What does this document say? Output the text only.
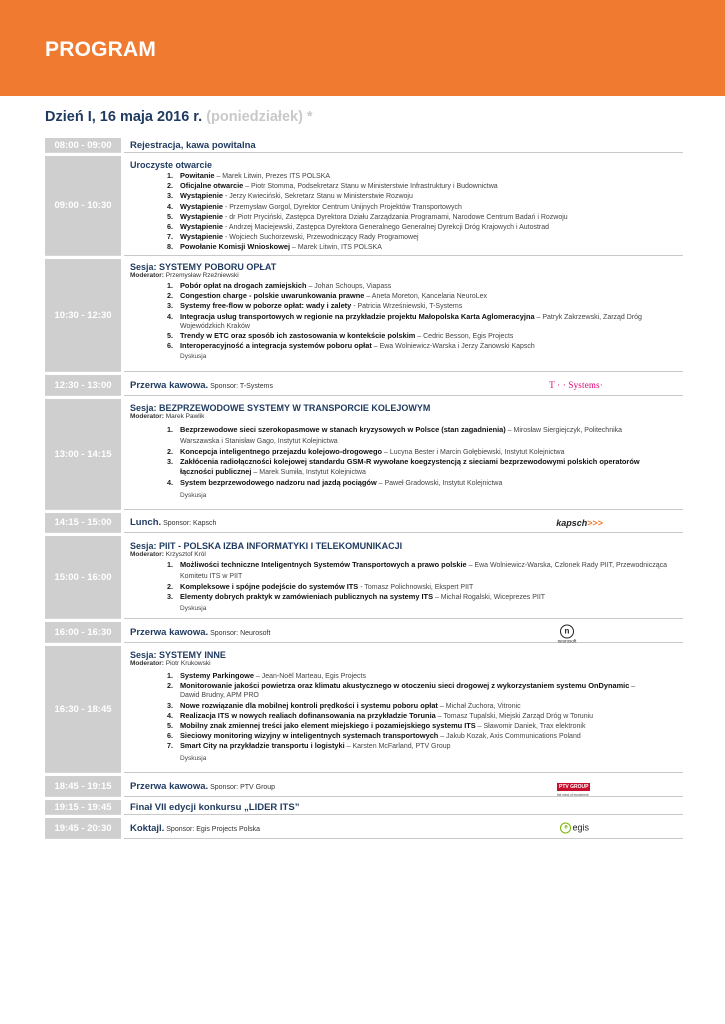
PROGRAM
Dzień I, 16 maja 2016 r. (poniedziałek) *
08:00 - 09:00	Rejestracja, kawa powitalna
09:00 - 10:30
Uroczyste otwarcie
1. Powitanie – Marek Litwin, Prezes ITS POLSKA
2. Oficjalne otwarcie – Piotr Stomma, Podsekretarz Stanu w Ministerstwie Infrastruktury i Budownictwa
3. Wystąpienie - Jerzy Kwieciński, Sekretarz Stanu w Ministerstwie Rozwoju
4. Wystąpienie - Przemysław Gorgol, Dyrektor Centrum Unijnych Projektów Transportowych
5. Wystąpienie - dr Piotr Pryciński, Zastępca Dyrektora Działu Zarządzania Programami, Narodowe Centrum Badań i Rozwoju
6. Wystąpienie - Andrzej Maciejewski, Zastępca Dyrektora Generalnego Generalnej Dyrekcji Dróg Krajowych i Autostrad
7. Wystąpienie - Wojciech Suchorzewski, Przewodniczący Rady Programowej
8. Powołanie Komisji Wnioskowej – Marek Litwin, ITS POLSKA
10:30 - 12:30
Sesja: SYSTEMY POBORU OPŁAT
Moderator: Przemysław Rzeźniewski
1. Pobór opłat na drogach zamiejskich – Johan Schoups, Viapass
2. Congestion charge - polskie uwarunkowania prawne – Aneta Moreton, Kancelaria NeuroLex
3. Systemy free-flow w poborze opłat: wady i zalety - Patricia Wrześniewski, T-Systems
4. Integracja usług transportowych w regionie na przykładzie projektu Małopolska Karta Aglomeracyjna – Patryk Zakrzewski, Zarząd Dróg Wojewódzkich Kraków
5. Trendy w ETC oraz sposób ich zastosowania w kontekście polskim – Cedric Besson, Egis Projects
6. Interoperacyjność a integracja systemów poboru opłat – Ewa Wolniewicz-Warska i Jerzy Żanowski Kapsch
Dyskusja
12:30 - 13:00	Przerwa kawowa. Sponsor: T-Systems	T · · Systems·
13:00 - 14:15
Sesja: BEZPRZEWODOWE SYSTEMY W TRANSPORCIE KOLEJOWYM
Moderator: Marek Pawlik
1. Bezprzewodowe sieci szerokopasmowe w stanach kryzysowych w Polsce (stan zagadnienia) – Mirosław Siergiejczyk, Politechnika Warszawska i Stanisław Gago, Instytut Kolejnictwa
2. Koncepcja inteligentnego przejazdu kolejowo-drogowego – Lucyna Bester i Marcin Gołębiewski, Instytut Kolejnictwa
3. Zakłócenia radiołączności kolejowej standardu GSM-R wywołane koegzystencją z sieciami bezprzewodowymi polskich operatorów łączności publicznej – Marek Sumiła, Instytut Kolejnictwa
4. System bezprzewodowego nadzoru nad jazdą pociągów – Paweł Gradowski, Instytut Kolejnictwa
Dyskusja
14:15 - 15:00	Lunch. Sponsor: Kapsch	kapsch>>>
15:00 - 16:00
Sesja: PIIT - POLSKA IZBA INFORMATYKI I TELEKOMUNIKACJI
Moderator: Krzysztof Król
1. Możliwości techniczne Inteligentnych Systemów Transportowych a prawo polskie – Ewa Wolniewicz-Warska, Członek Rady PIIT, Przewodnicząca Komitetu ITS w PIIT
2. Kompleksowe i spójne podejście do systemów ITS - Tomasz Polichnowski, Ekspert PIIT
3. Elementy dobrych praktyk w zamówieniach publicznych na systemy ITS – Michał Rogalski, Wiceprezes PIIT
Dyskusja
16:00 - 16:30	Przerwa kawowa. Sponsor: Neurosoft	n
neurosoft
16:30 - 18:45
Sesja: SYSTEMY INNE
Moderator: Piotr Krukowski
1. Systemy Parkingowe – Jean-Noël Marteau, Egis Projects
2. Monitorowanie jakości powietrza oraz klimatu akustycznego w otoczeniu sieci drogowej z wykorzystaniem systemu OnDynamic – Dawid Brudny, APM PRO
3. Nowe rozwiązanie dla mobilnej kontroli prędkości i systemu poboru opłat – Michał Żuchora, Vitronic
4. Realizacja ITS w nowych realiach dofinansowania na przykładzie Torunia – Tomasz Tupalski, Miejski Zarząd Dróg w Toruniu
5. Mobilny znak zmiennej treści jako element miejskiego i pozamiejskiego systemu ITS – Sławomir Daniek, Trax elektronik
6. Sieciowy monitoring wizyjny w inteligentnych systemach transportowych – Jakub Kozak, Axis Communications Poland
7. Smart City na przykładzie transportu i logistyki – Karsten McFarland, PTV Group
Dyskusja
18:45 - 19:15	Przerwa kawowa. Sponsor: PTV Group	PTV GROUP
the mind of movement
19:15 - 19:45	Finał VII edycji konkursu „LIDER ITS”
19:45 - 20:30	Koktajl. Sponsor: Egis Projects Polska	e egis
